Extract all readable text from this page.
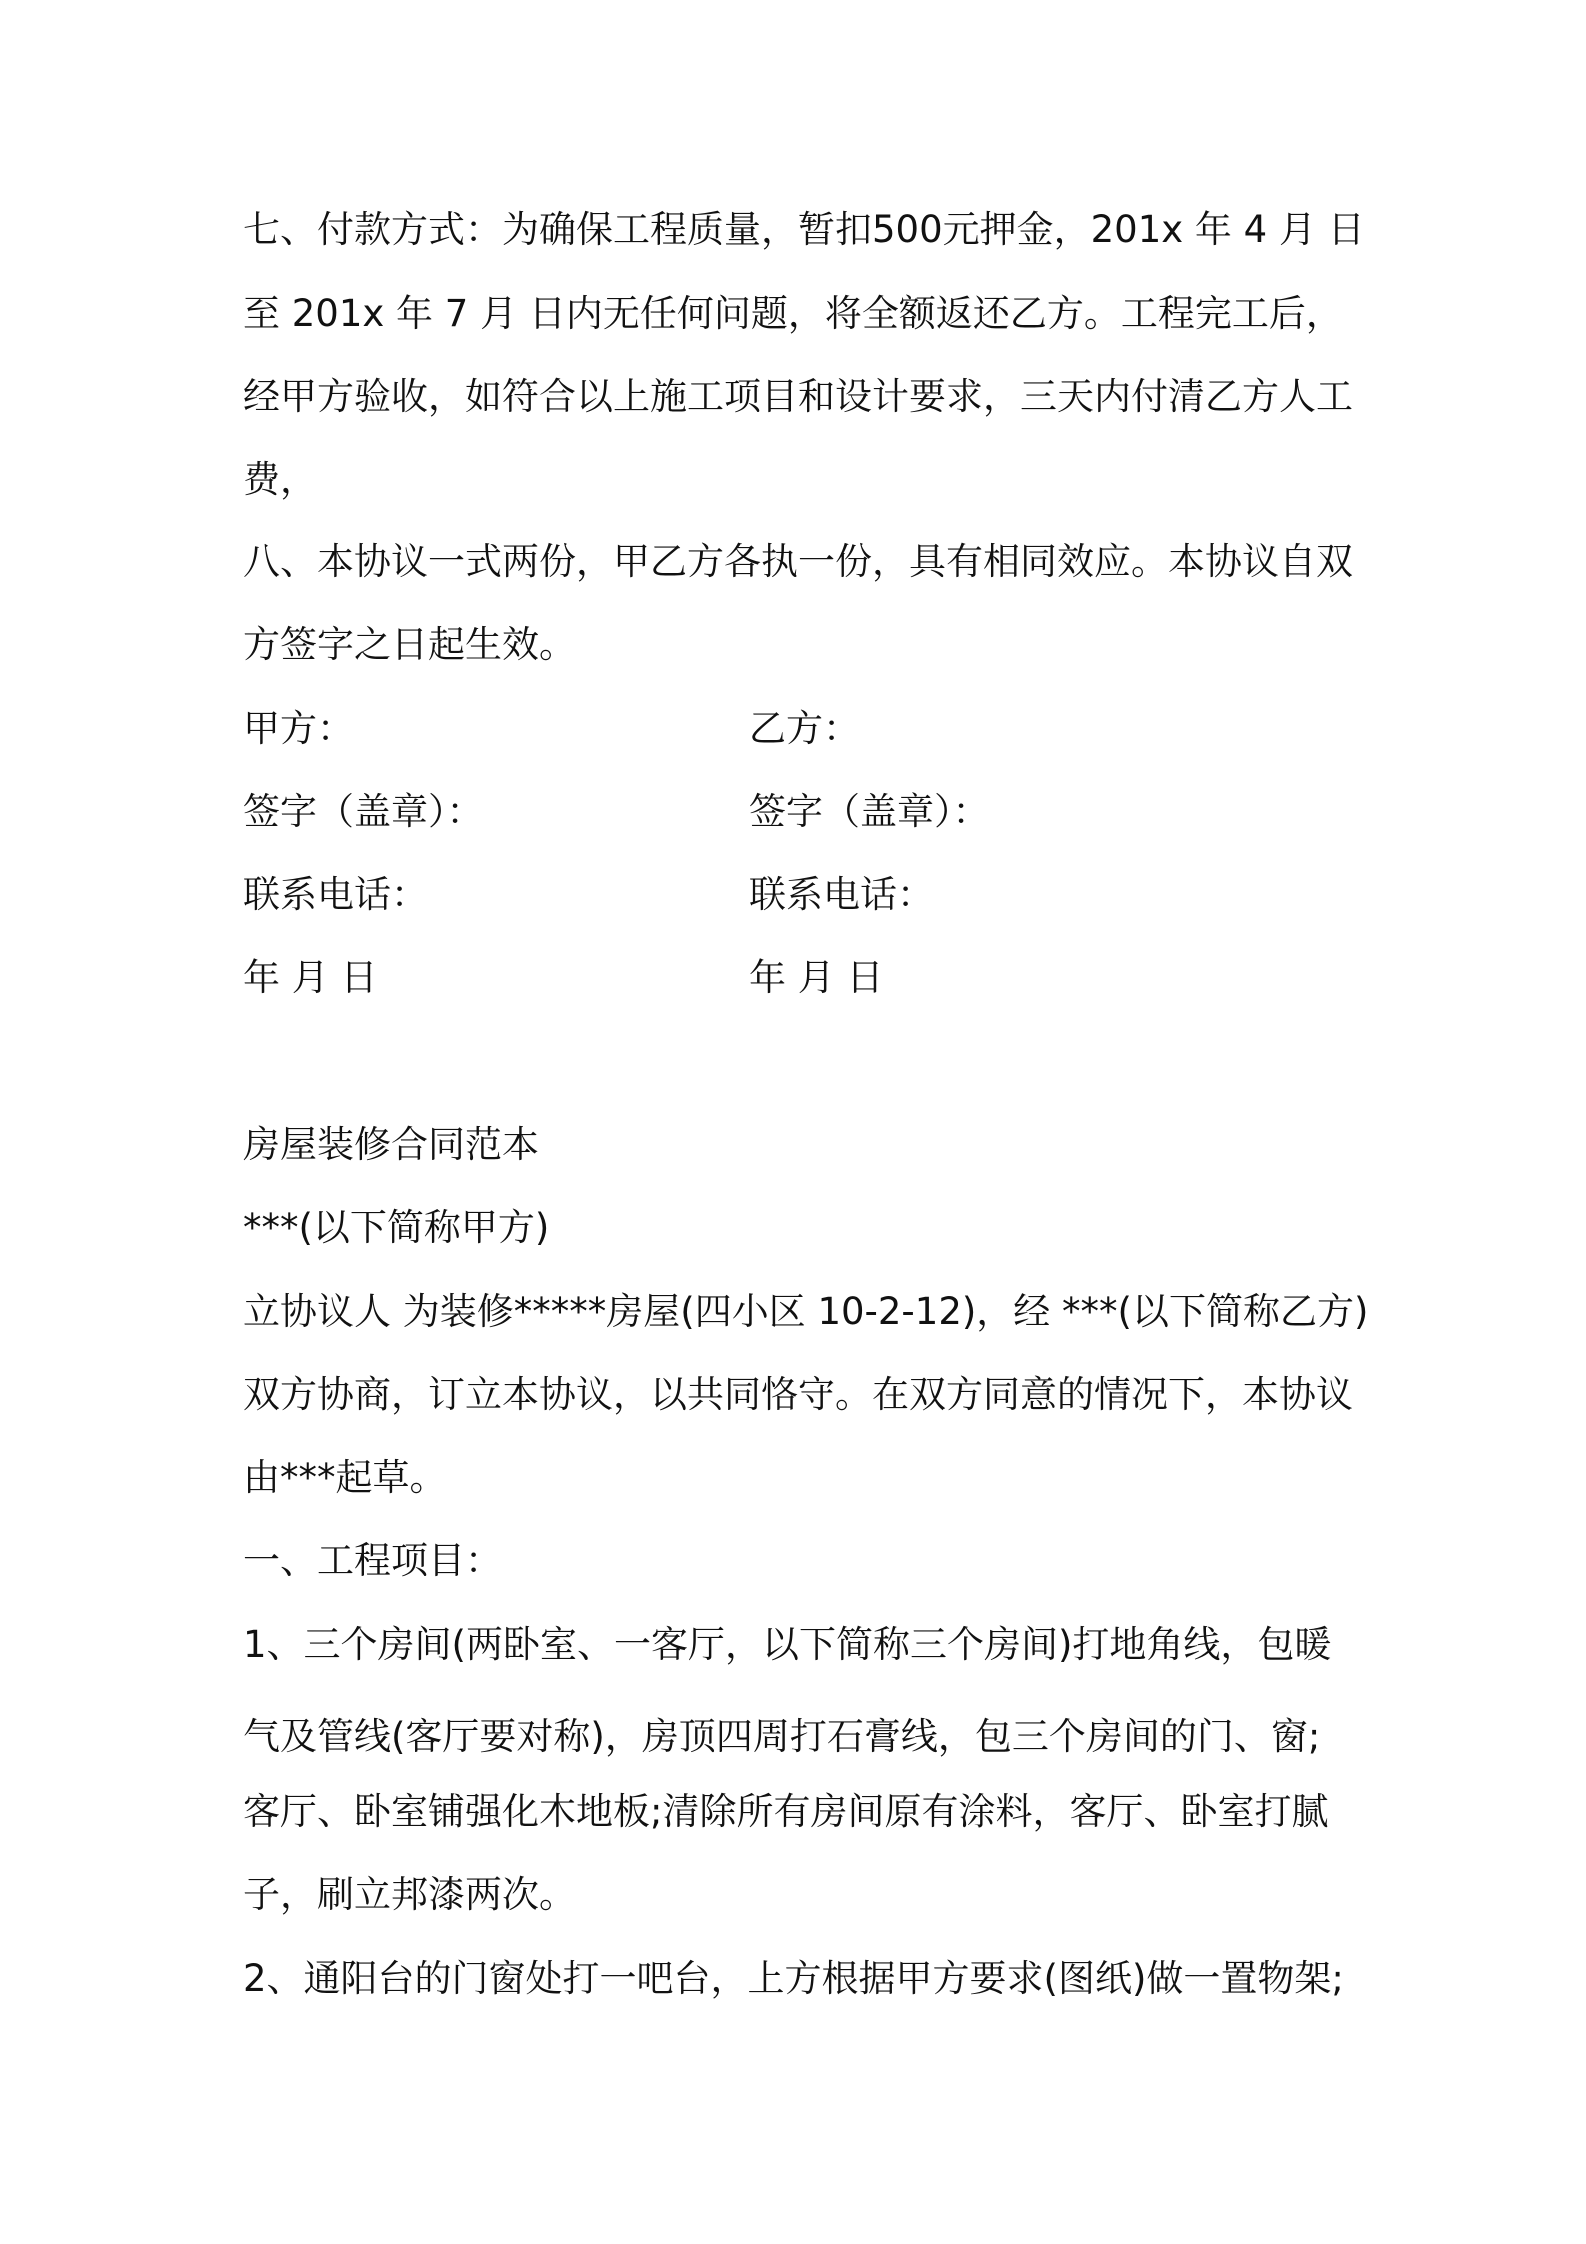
七、付款方式：为确保工程质量，暂扣500元押金，201x 年 4 月 日
至 201x 年 7 月 日内无任何问题，将全额返还乙方。工程完工后，
经甲方验收，如符合以上施工项目和设计要求，三天内付清乙方人工
费，
八、本协议一式两份，甲乙方各执一份，具有相同效应。本协议自双
方签字之日起生效。
甲方：	乙方：
签字（盖章）：	签字（盖章）：
联系电话：	联系电话：
年 月 日	年 月 日
房屋装修合同范本
***(以下简称甲方)
立协议人 为装修*****房屋(四小区 10-2-12)，经 ***(以下简称乙方)
双方协商，订立本协议，以共同恪守。在双方同意的情况下，本协议
由***起草。
一、工程项目：
1、三个房间(两卧室、一客厅，以下简称三个房间)打地角线，包暖
气及管线(客厅要对称)，房顶四周打石膏线，包三个房间的门、窗;
客厅、卧室铺强化木地板;清除所有房间原有涂料，客厅、卧室打腻
子，刷立邦漆两次。
2、通阳台的门窗处打一吧台，上方根据甲方要求(图纸)做一置物架;
